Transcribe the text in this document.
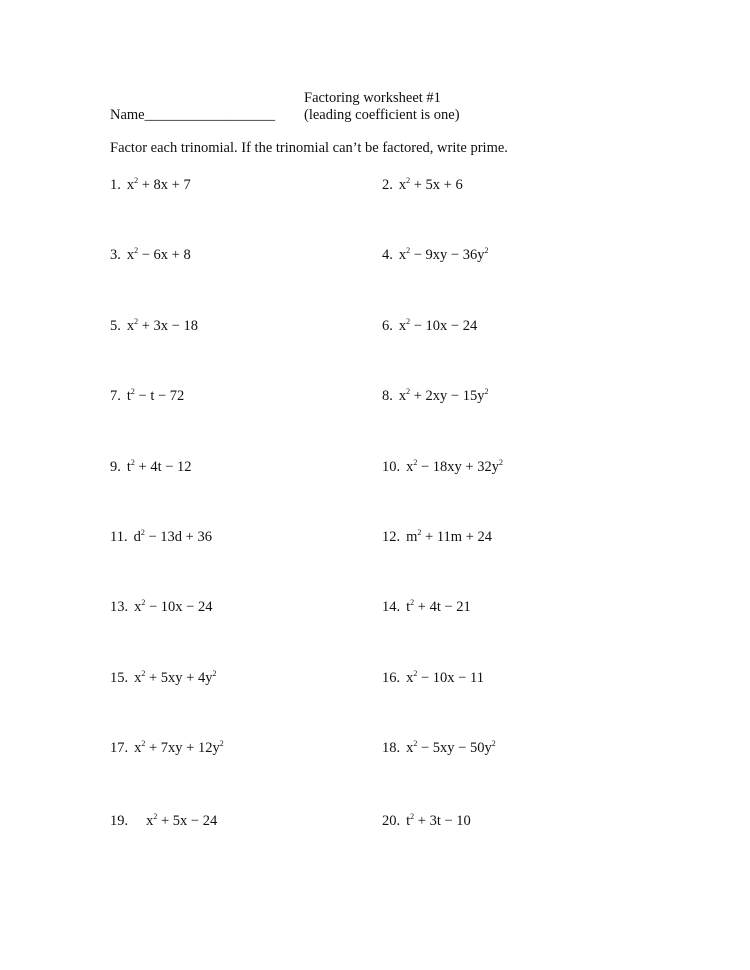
Factoring worksheet #1
Name__________________ (leading coefficient is one)
Factor each trinomial. If the trinomial can’t be factored, write prime.
1. $x^2 + 8x + 7$	2. $x^2 + 5x + 6$
3. $x^2 - 6x + 8$	4. $x^2 - 9xy - 36y^2$
5. $x^2 + 3x - 18$	6. $x^2 - 10x - 24$
7. $t^2 - t - 72$	8. $x^2 + 2xy - 15y^2$
9. $t^2 + 4t - 12$	10. $x^2 - 18xy + 32y^2$
11. $d^2 - 13d + 36$	12. $m^2 + 11m + 24$
13. $x^2 - 10x - 24$	14. $t^2 + 4t - 21$
15. $x^2 + 5xy + 4y^2$	16. $x^2 - 10x - 11$
17. $x^2 + 7xy + 12y^2$	18. $x^2 - 5xy - 50y^2$
19. $x^2 + 5x - 24$	20. $t^2 + 3t - 10$
